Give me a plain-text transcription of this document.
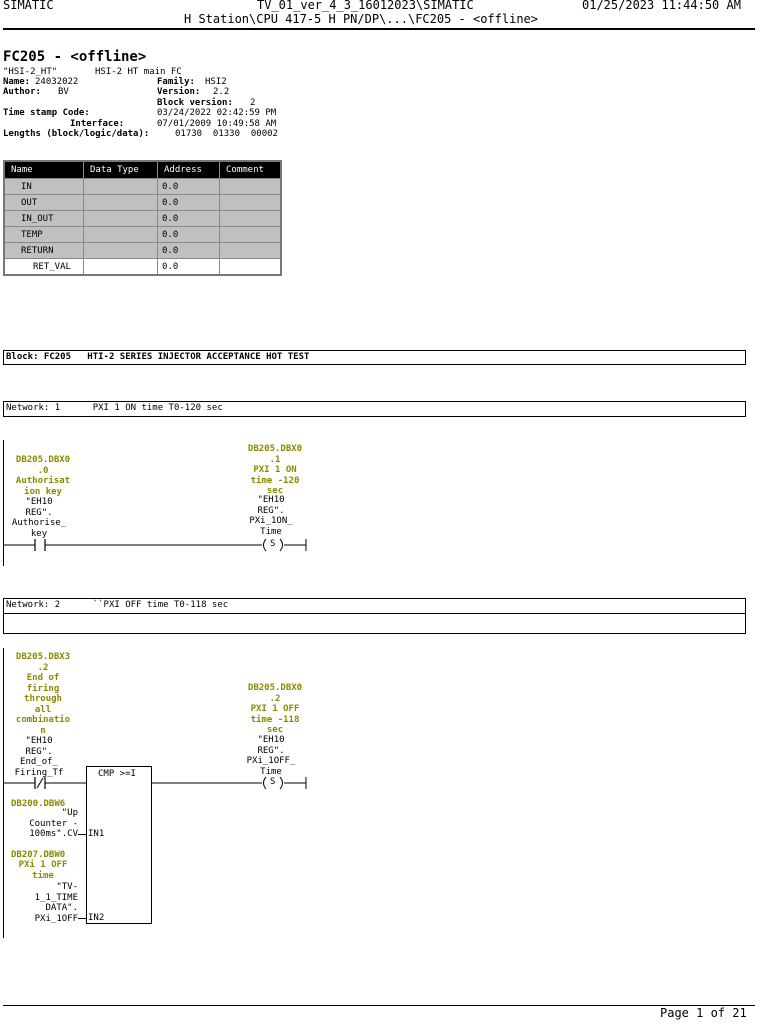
SIMATIC	TV_01_ver_4_3_16012023\SIMATIC
H Station\CPU 417-5 H PN/DP\...\FC205 - <offline>
01/25/2023 11:44:50 AM
FC205 - <offline>
"HSI-2_HT"	HSI-2 HT main FC
Name: 24032022	Family: HSI2
Author: BV	Version: 2.2
Block version: 2
Time stamp Code:	03/24/2022 02:42:59 PM
Interface:	07/01/2009 10:49:58 AM
Lengths (block/logic/data):	01730  01330  00002
Name	Data Type	Address	Comment
IN		0.0	
OUT		0.0	
IN_OUT		0.0	
TEMP		0.0	
RETURN		0.0	
RET_VAL		0.0	
Block: FC205   HTI-2 SERIES INJECTOR ACCEPTANCE HOT TEST
Network: 1      PXI 1 ON time T0-120 sec
DB205.DBX0
.0
Authorisat
ion key
"EH10
REG".
Authorise_
key
DB205.DBX0
.1
PXI 1 ON
time -120
sec
"EH10
REG".
PXi_1ON_
Time
S
Network: 2      ``PXI OFF time T0-118 sec
DB205.DBX3
.2
End of
firing
through
all
combinatio
n
"EH10
REG".
End_of_
Firing_Tf
DB205.DBX0
.2
PXI 1 OFF
time -118
sec
"EH10
REG".
PXi_1OFF_
Time

CMP >=I

IN1

IN2

S
DB200.DBW6
"Up
Counter -
100ms".CV
DB207.DBW0
PXi 1 OFF
time
"TV-
1_1_TIME
DATA".
PXi_1OFF
Page 1 of 21
